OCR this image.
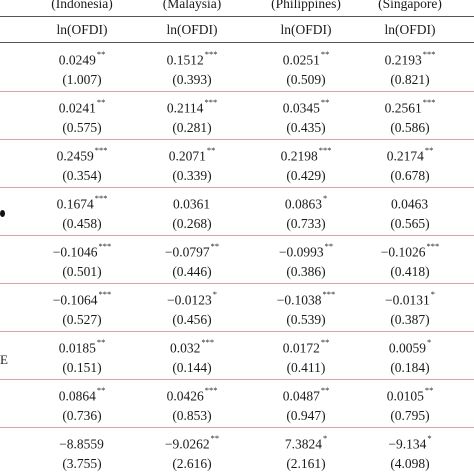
(Indonesia)	(Malaysia)	(Philippines)	(Singapore)
ln(OFDI)	ln(OFDI)	ln(OFDI)	ln(OFDI)
0.0249**	0.1512***	0.0251**	0.2193***
(1.007)	(0.393)	(0.509)	(0.821)
0.0241**	0.2114***	0.0345**	0.2561***
(0.575)	(0.281)	(0.435)	(0.586)
0.2459***	0.2071**	0.2198***	0.2174**
(0.354)	(0.339)	(0.429)	(0.678)
0.1674***	0.0361	0.0863*	0.0463
(0.458)	(0.268)	(0.733)	(0.565)
−0.1046***	−0.0797**	−0.0993**	−0.1026***
(0.501)	(0.446)	(0.386)	(0.418)
−0.1064***	−0.0123*	−0.1038***	−0.0131*
(0.527)	(0.456)	(0.539)	(0.387)
0.0185**	0.032***	0.0172**	0.0059*
(0.151)	(0.144)	(0.411)	(0.184)
0.0864**	0.0426***	0.0487**	0.0105**
(0.736)	(0.853)	(0.947)	(0.795)
−8.8559	−9.0262**	7.3824*	−9.134*
(3.755)	(2.616)	(2.161)	(4.098)
E
